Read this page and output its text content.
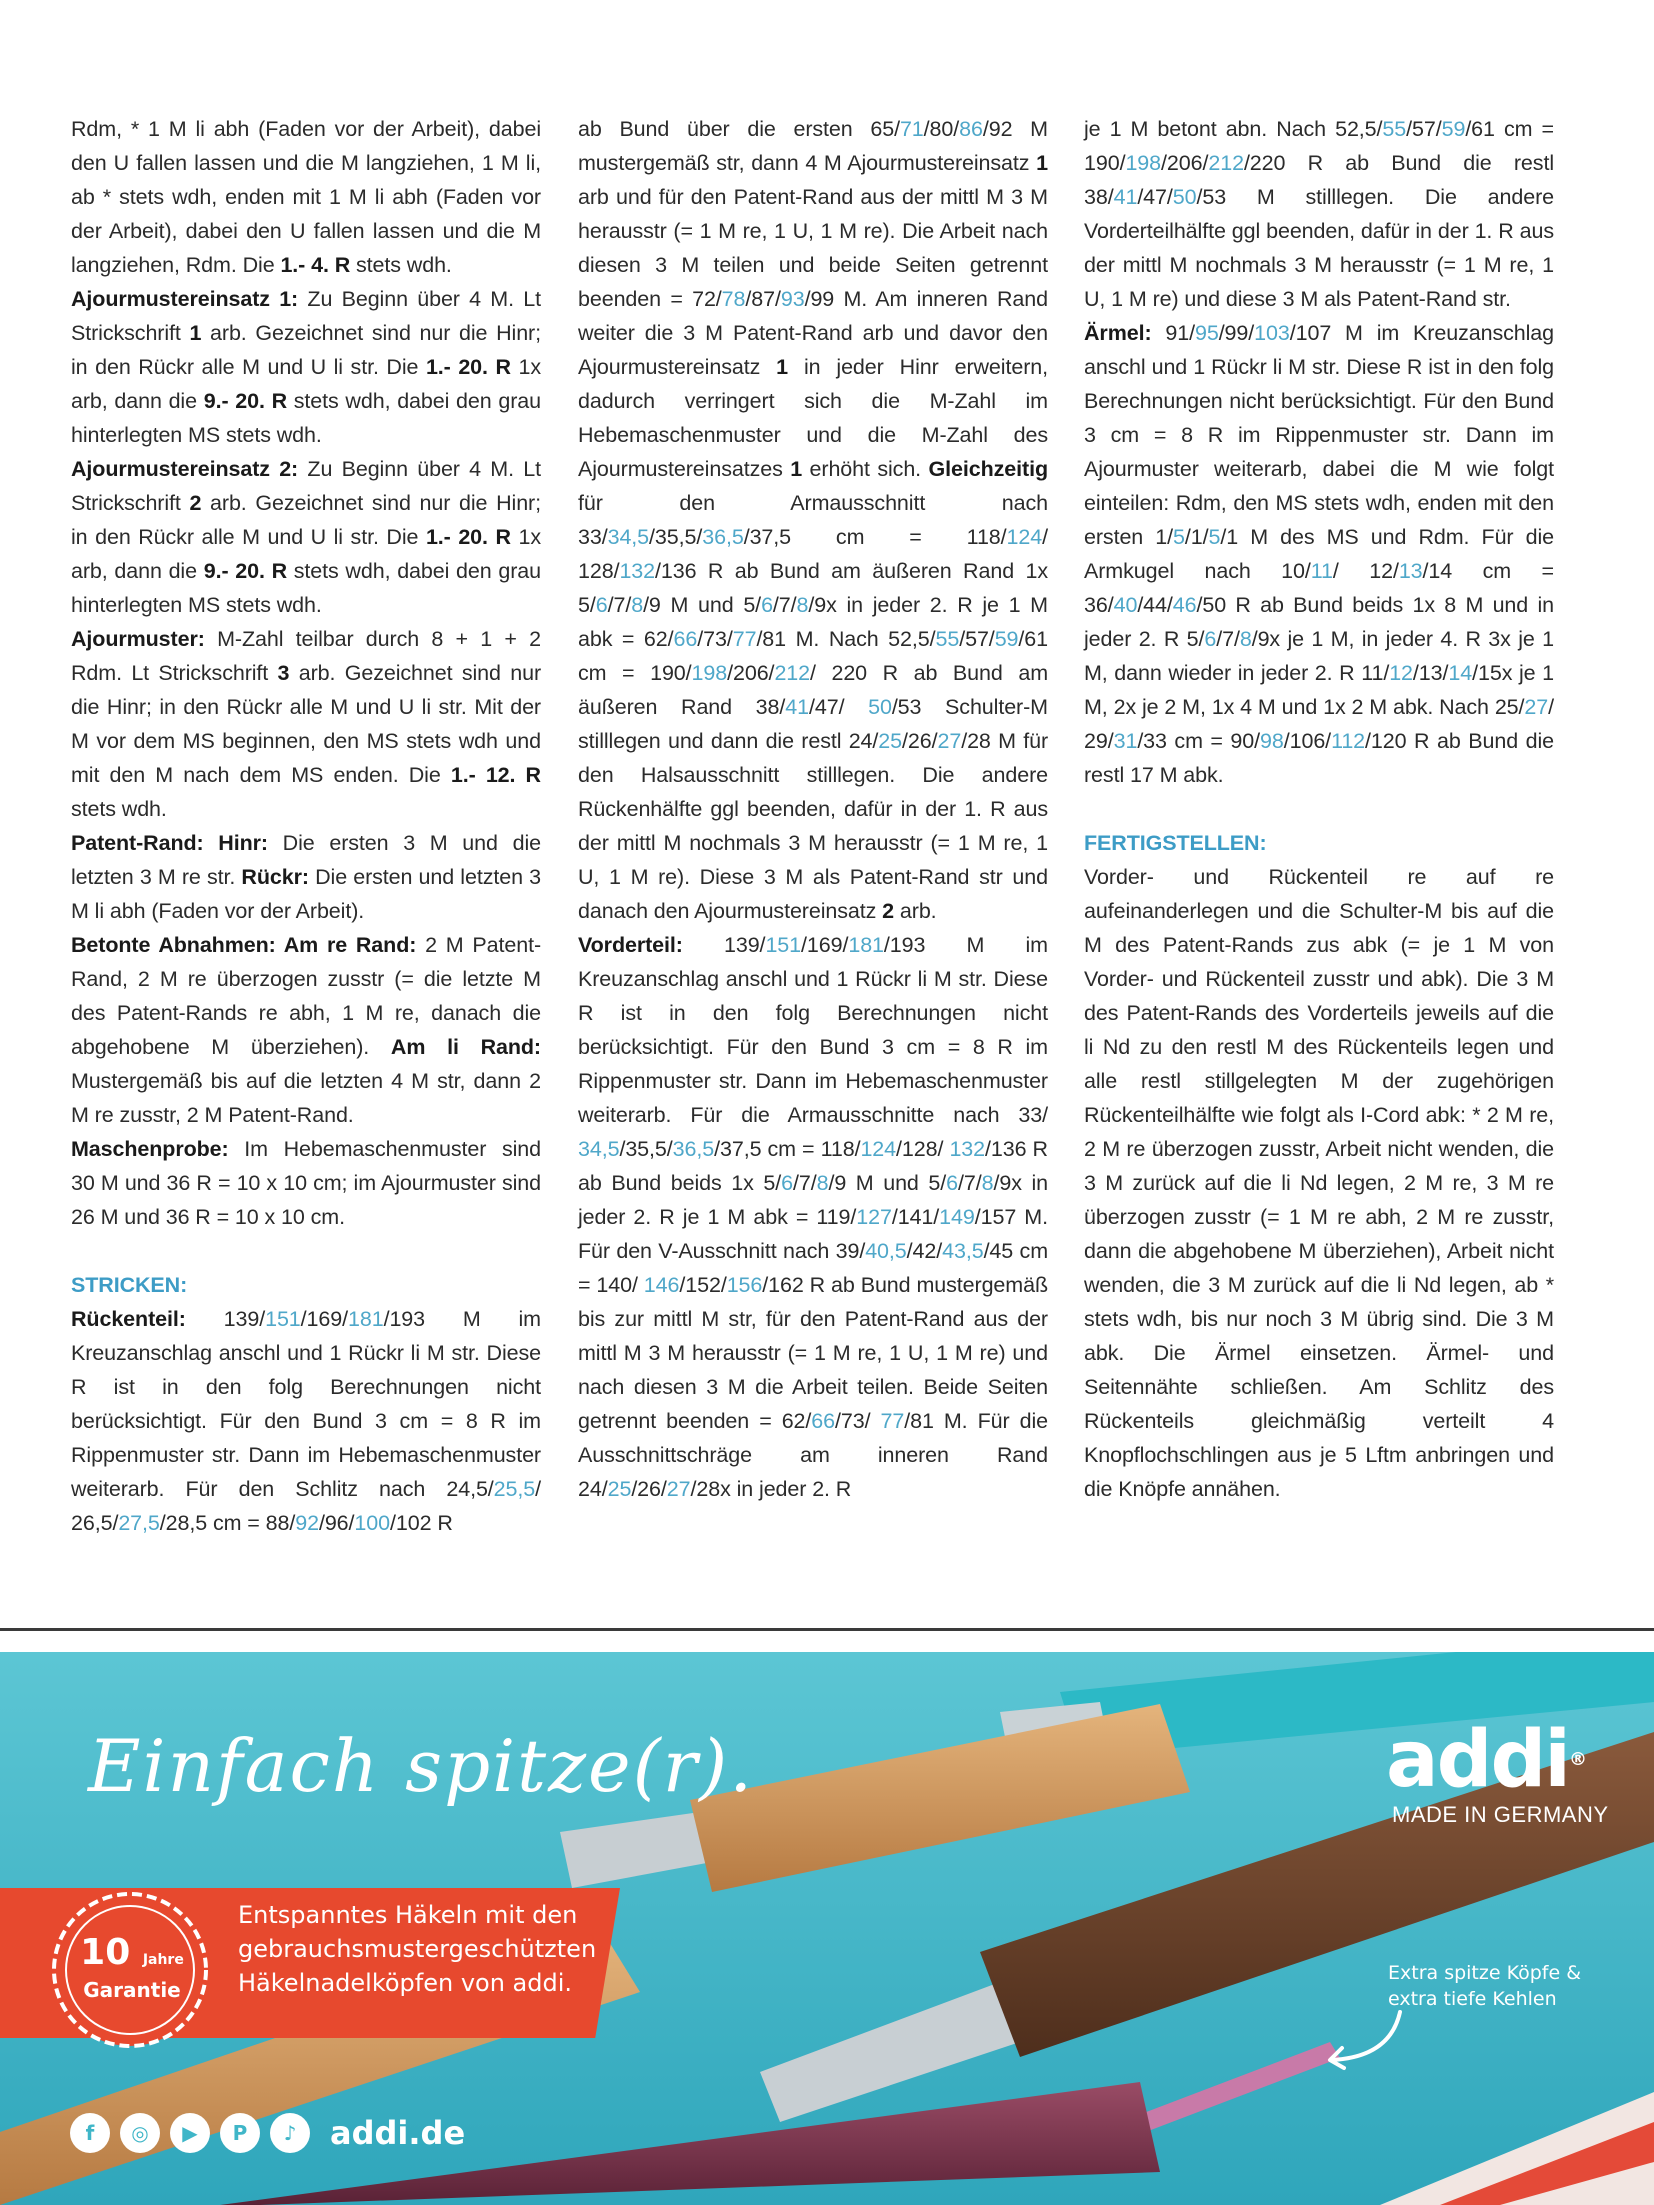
Rdm, * 1 M li abh (Faden vor der Arbeit), dabei den U fallen lassen und die M langziehen, 1 M li, ab * stets wdh, enden mit 1 M li abh (Faden vor der Arbeit), dabei den U fallen lassen und die M langziehen, Rdm. Die 1.- 4. R stets wdh.

Ajourmustereinsatz 1: Zu Beginn über 4 M. Lt Strickschrift 1 arb. Gezeichnet sind nur die Hinr; in den Rückr alle M und U li str. Die 1.- 20. R 1x arb, dann die 9.- 20. R stets wdh, dabei den grau hinterlegten MS stets wdh.

Ajourmustereinsatz 2: Zu Beginn über 4 M. Lt Strickschrift 2 arb. Gezeichnet sind nur die Hinr; in den Rückr alle M und U li str. Die 1.- 20. R 1x arb, dann die 9.- 20. R stets wdh, dabei den grau hinterlegten MS stets wdh.

Ajourmuster: M-Zahl teilbar durch 8 + 1 + 2 Rdm. Lt Strickschrift 3 arb. Gezeichnet sind nur die Hinr; in den Rückr alle M und U li str. Mit der M vor dem MS beginnen, den MS stets wdh und mit den M nach dem MS enden. Die 1.- 12. R stets wdh.

Patent-Rand: Hinr: Die ersten 3 M und die letzten 3 M re str. Rückr: Die ersten und letzten 3 M li abh (Faden vor der Arbeit).

Betonte Abnahmen: Am re Rand: 2 M Patent-Rand, 2 M re überzogen zusstr (= die letzte M des Patent-Rands re abh, 1 M re, danach die abgehobene M überziehen). Am li Rand: Mustergemäß bis auf die letzten 4 M str, dann 2 M re zusstr, 2 M Patent-Rand.

Maschenprobe: Im Hebemaschenmuster sind 30 M und 36 R = 10 x 10 cm; im Ajourmuster sind 26 M und 36 R = 10 x 10 cm.

STRICKEN:

Rückenteil: 139/151/169/181/193 M im Kreuzanschlag anschl und 1 Rückr li M str. Diese R ist in den folg Berechnungen nicht berücksichtigt. Für den Bund 3 cm = 8 R im Rippenmuster str. Dann im Hebemaschenmuster weiterarb. Für den Schlitz nach 24,5/25,5/ 26,5/27,5/28,5 cm = 88/92/96/100/102 R

ab Bund über die ersten 65/71/80/86/92 M mustergemäß str, dann 4 M Ajourmustereinsatz 1 arb und für den Patent-Rand aus der mittl M 3 M herausstr (= 1 M re, 1 U, 1 M re). Die Arbeit nach diesen 3 M teilen und beide Seiten getrennt beenden = 72/78/87/93/99 M. Am inneren Rand weiter die 3 M Patent-Rand arb und davor den Ajourmustereinsatz 1 in jeder Hinr erweitern, dadurch verringert sich die M-Zahl im Hebemaschenmuster und die M-Zahl des Ajourmustereinsatzes 1 erhöht sich. Gleichzeitig für den Armausschnitt nach 33/34,5/35,5/36,5/37,5 cm = 118/124/ 128/132/136 R ab Bund am äußeren Rand 1x 5/6/7/8/9 M und 5/6/7/8/9x in jeder 2. R je 1 M abk = 62/66/73/77/81 M. Nach 52,5/55/57/59/61 cm = 190/198/206/212/ 220 R ab Bund am äußeren Rand 38/41/47/ 50/53 Schulter-M stilllegen und dann die restl 24/25/26/27/28 M für den Halsausschnitt stilllegen. Die andere Rückenhälfte ggl beenden, dafür in der 1. R aus der mittl M nochmals 3 M herausstr (= 1 M re, 1 U, 1 M re). Diese 3 M als Patent-Rand str und danach den Ajourmustereinsatz 2 arb.

Vorderteil: 139/151/169/181/193 M im Kreuzanschlag anschl und 1 Rückr li M str. Diese R ist in den folg Berechnungen nicht berücksichtigt. Für den Bund 3 cm = 8 R im Rippenmuster str. Dann im Hebemaschenmuster weiterarb. Für die Armausschnitte nach 33/ 34,5/35,5/36,5/37,5 cm = 118/124/128/ 132/136 R ab Bund beids 1x 5/6/7/8/9 M und 5/6/7/8/9x in jeder 2. R je 1 M abk = 119/127/141/149/157 M. Für den V-Ausschnitt nach 39/40,5/42/43,5/45 cm = 140/ 146/152/156/162 R ab Bund mustergemäß bis zur mittl M str, für den Patent-Rand aus der mittl M 3 M herausstr (= 1 M re, 1 U, 1 M re) und nach diesen 3 M die Arbeit teilen. Beide Seiten getrennt beenden = 62/66/73/ 77/81 M. Für die Ausschnittschräge am inneren Rand 24/25/26/27/28x in jeder 2. R

je 1 M betont abn. Nach 52,5/55/57/59/61 cm = 190/198/206/212/220 R ab Bund die restl 38/41/47/50/53 M stilllegen. Die andere Vorderteilhälfte ggl beenden, dafür in der 1. R aus der mittl M nochmals 3 M herausstr (= 1 M re, 1 U, 1 M re) und diese 3 M als Patent-Rand str.

Ärmel: 91/95/99/103/107 M im Kreuzanschlag anschl und 1 Rückr li M str. Diese R ist in den folg Berechnungen nicht berücksichtigt. Für den Bund 3 cm = 8 R im Rippenmuster str. Dann im Ajourmuster weiterarb, dabei die M wie folgt einteilen: Rdm, den MS stets wdh, enden mit den ersten 1/5/1/5/1 M des MS und Rdm. Für die Armkugel nach 10/11/ 12/13/14 cm = 36/40/44/46/50 R ab Bund beids 1x 8 M und in jeder 2. R 5/6/7/8/9x je 1 M, in jeder 4. R 3x je 1 M, dann wieder in jeder 2. R 11/12/13/14/15x je 1 M, 2x je 2 M, 1x 4 M und 1x 2 M abk. Nach 25/27/ 29/31/33 cm = 90/98/106/112/120 R ab Bund die restl 17 M abk.

FERTIGSTELLEN:

Vorder- und Rückenteil re auf re aufeinanderlegen und die Schulter-M bis auf die M des Patent-Rands zus abk (= je 1 M von Vorder- und Rückenteil zusstr und abk). Die 3 M des Patent-Rands des Vorderteils jeweils auf die li Nd zu den restl M des Rückenteils legen und alle restl stillgelegten M der zugehörigen Rückenteilhälfte wie folgt als I-Cord abk: * 2 M re, 2 M re überzogen zusstr, Arbeit nicht wenden, die 3 M zurück auf die li Nd legen, 2 M re, 3 M re überzogen zusstr (= 1 M re abh, 2 M re zusstr, dann die abgehobene M überziehen), Arbeit nicht wenden, die 3 M zurück auf die li Nd legen, ab * stets wdh, bis nur noch 3 M übrig sind. Die 3 M abk. Die Ärmel einsetzen. Ärmel- und Seitennähte schließen. Am Schlitz des Rückenteils gleichmäßig verteilt 4 Knopflochschlingen aus je 5 Lftm anbringen und die Knöpfe annähen.

Einfach spitze(r).
10 Jahre
Garantie
Entspanntes Häkeln mit den gebrauchsmustergeschützten Häkelnadelköpfen von addi.
addi®
MADE IN GERMANY
Extra spitze Köpfe & extra tiefe Kehlen
f	◎	▶	P	♪	addi.de
